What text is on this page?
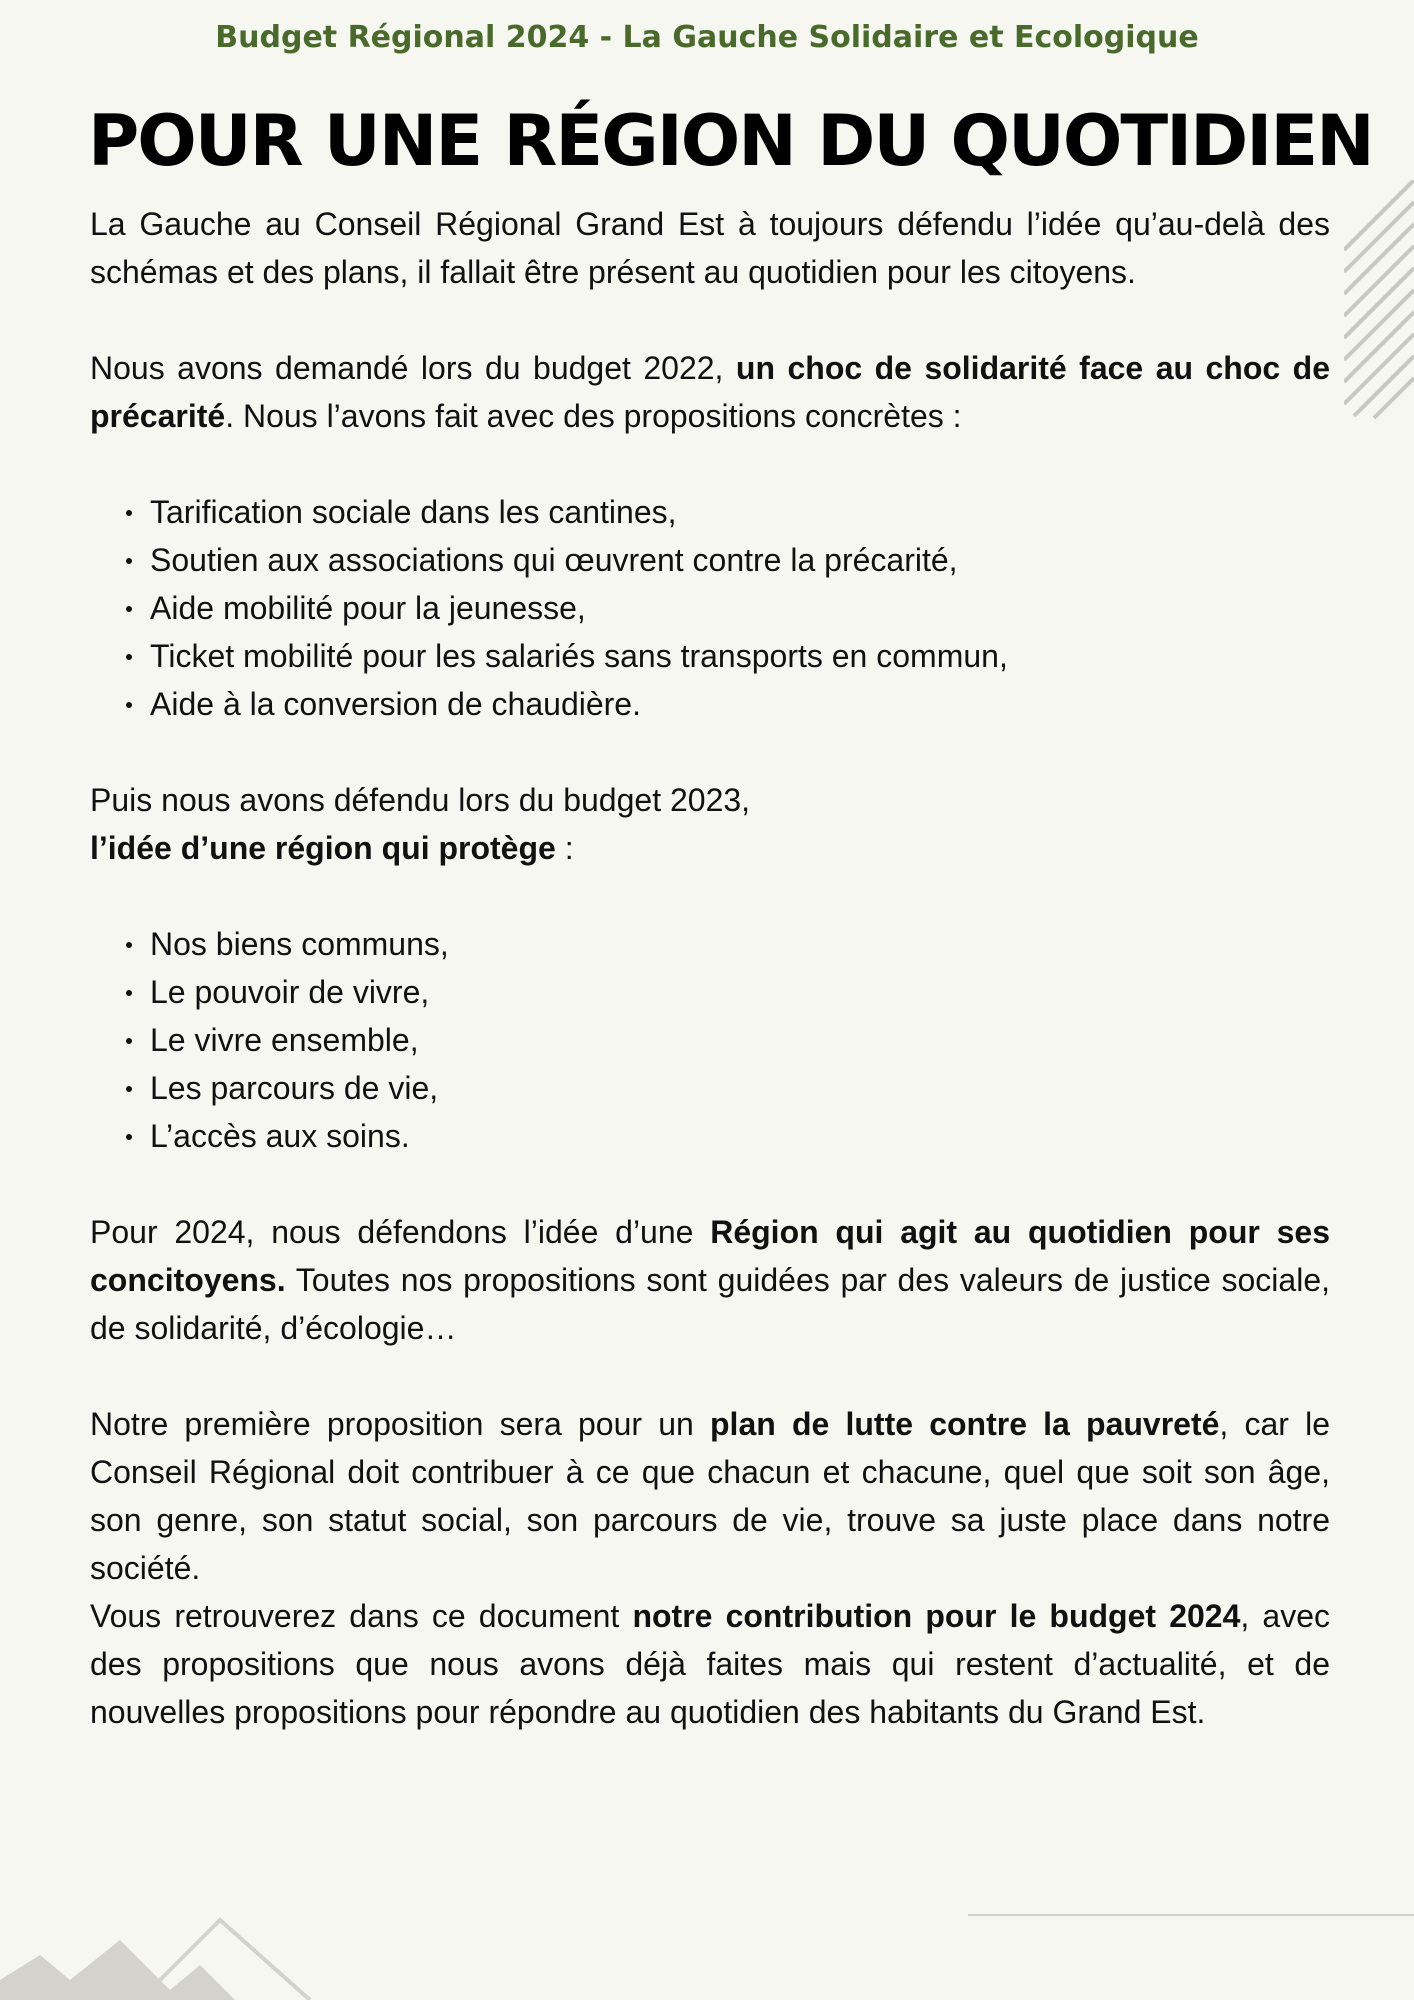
Budget Régional 2024 - La Gauche Solidaire et Ecologique
POUR UNE RÉGION DU QUOTIDIEN

La Gauche au Conseil Régional Grand Est à toujours défendu l’idée qu’au-delà des schémas et des plans, il fallait être présent au quotidien pour les citoyens.

Nous avons demandé lors du budget 2022, un choc de solidarité face au choc de précarité. Nous l’avons fait avec des propositions concrètes :

Tarification sociale dans les cantines,
Soutien aux associations qui œuvrent contre la précarité,
Aide mobilité pour la jeunesse,
Ticket mobilité pour les salariés sans transports en commun,
Aide à la conversion de chaudière.

Puis nous avons défendu lors du budget 2023,

l’idée d’une région qui protège :

Nos biens communs,
Le pouvoir de vivre,
Le vivre ensemble,
Les parcours de vie,
L’accès aux soins.

Pour 2024, nous défendons l’idée d’une Région qui agit au quotidien pour ses concitoyens. Toutes nos propositions sont guidées par des valeurs de justice sociale, de solidarité, d’écologie…

Notre première proposition sera pour un plan de lutte contre la pauvreté, car le Conseil Régional doit contribuer à ce que chacun et chacune, quel que soit son âge, son genre, son statut social, son parcours de vie, trouve sa juste place dans notre société.

Vous retrouverez dans ce document notre contribution pour le budget 2024, avec des propositions que nous avons déjà faites mais qui restent d’actualité, et de nouvelles propositions pour répondre au quotidien des habitants du Grand Est.
